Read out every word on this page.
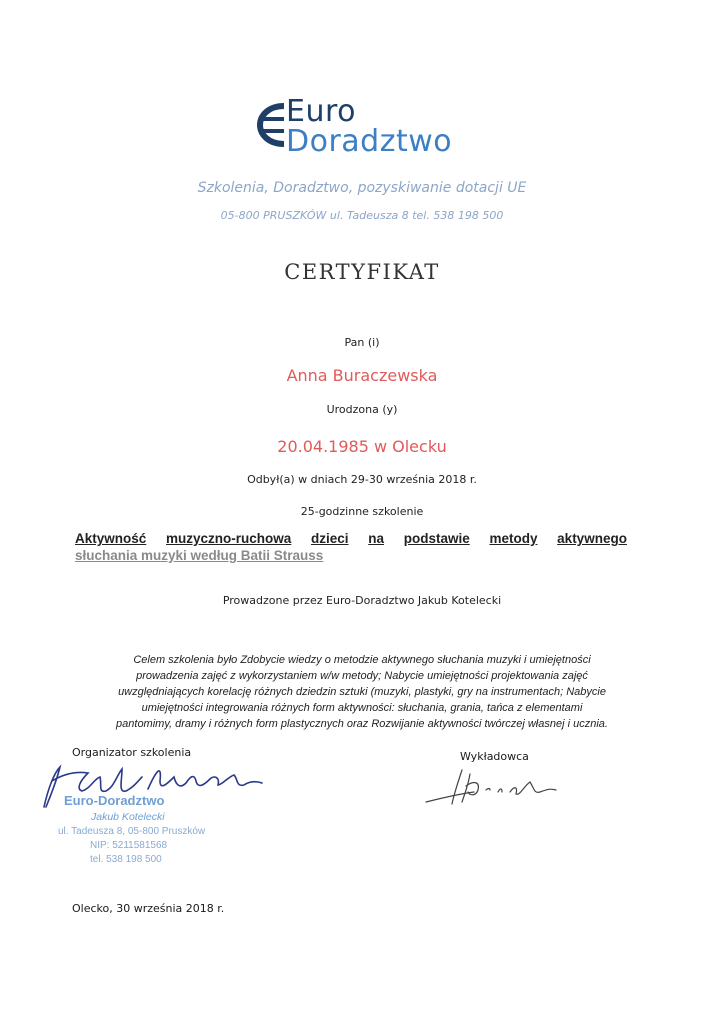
Euro
Doradztwo
Szkolenia, Doradztwo, pozyskiwanie dotacji UE
05-800 PRUSZKÓW ul. Tadeusza 8 tel. 538 198 500
CERTYFIKAT
Pan (i)
Anna Buraczewska
Urodzona (y)
20.04.1985 w Olecku
Odbył(a) w dniach 29-30 września 2018 r.
25-godzinne szkolenie
Aktywność muzyczno-ruchowa dzieci na podstawie metody aktywnego
słuchania muzyki według Batii Strauss
Prowadzone przez Euro-Doradztwo Jakub Kotelecki
Celem szkolenia było Zdobycie wiedzy o metodzie aktywnego słuchania muzyki i umiejętności
prowadzenia zajęć z wykorzystaniem w/w metody; Nabycie umiejętności projektowania zajęć
uwzględniających korelację różnych dziedzin sztuki (muzyki, plastyki, gry na instrumentach; Nabycie
umiejętności integrowania różnych form aktywności: słuchania, grania, tańca z elementami
pantomimy, dramy i różnych form plastycznych oraz Rozwijanie aktywności twórczej własnej i ucznia.
Organizator szkolenia	Wykładowca
Euro-Doradztwo
Jakub Kotelecki
ul. Tadeusza 8, 05-800 Pruszków
NIP: 5211581568
tel. 538 198 500
Olecko, 30 września 2018 r.
